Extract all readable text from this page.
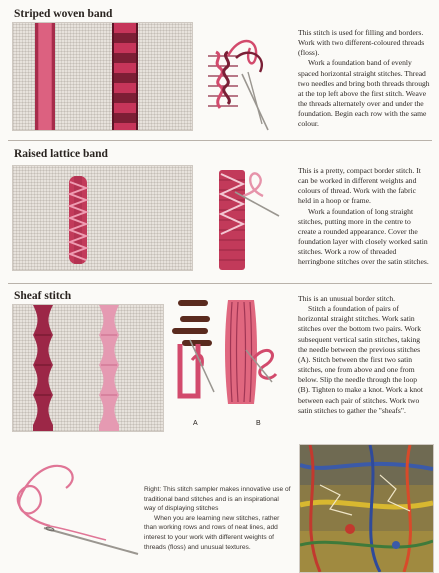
Striped woven band

This stitch is used for filling and borders. Work with two different-coloured threads (floss).

Work a foundation band of evenly spaced horizontal straight stitches. Thread two needles and bring both threads through at the top left above the first stitch. Weave the threads alternately over and under the foundation. Begin each row with the same colour.

Raised lattice band

This is a pretty, compact border stitch. It can be worked in different weights and colours of thread. Work with the fabric held in a hoop or frame.

Work a foundation of long straight stitches, putting more in the centre to create a rounded appearance. Cover the foundation layer with closely worked satin stitches. Work a row of threaded herringbone stitches over the satin stitches.

Sheaf stitch
A	B

This is an unusual border stitch.

Stitch a foundation of pairs of horizontal straight stitches. Work satin stitches over the bottom two pairs. Work subsequent vertical satin stitches, taking the needle between the previous stitches (A). Stitch between the first two satin stitches, one from above and one from below. Slip the needle through the loop (B). Tighten to make a knot. Work a knot between each pair of stitches. Work two satin stitches to gather the "sheafs".

Right: This stitch sampler makes innovative use of traditional band stitches and is an inspirational way of displaying stitches

When you are learning new stitches, rather than working rows and rows of neat lines, add interest to your work with different weights of threads (floss) and unusual textures.
